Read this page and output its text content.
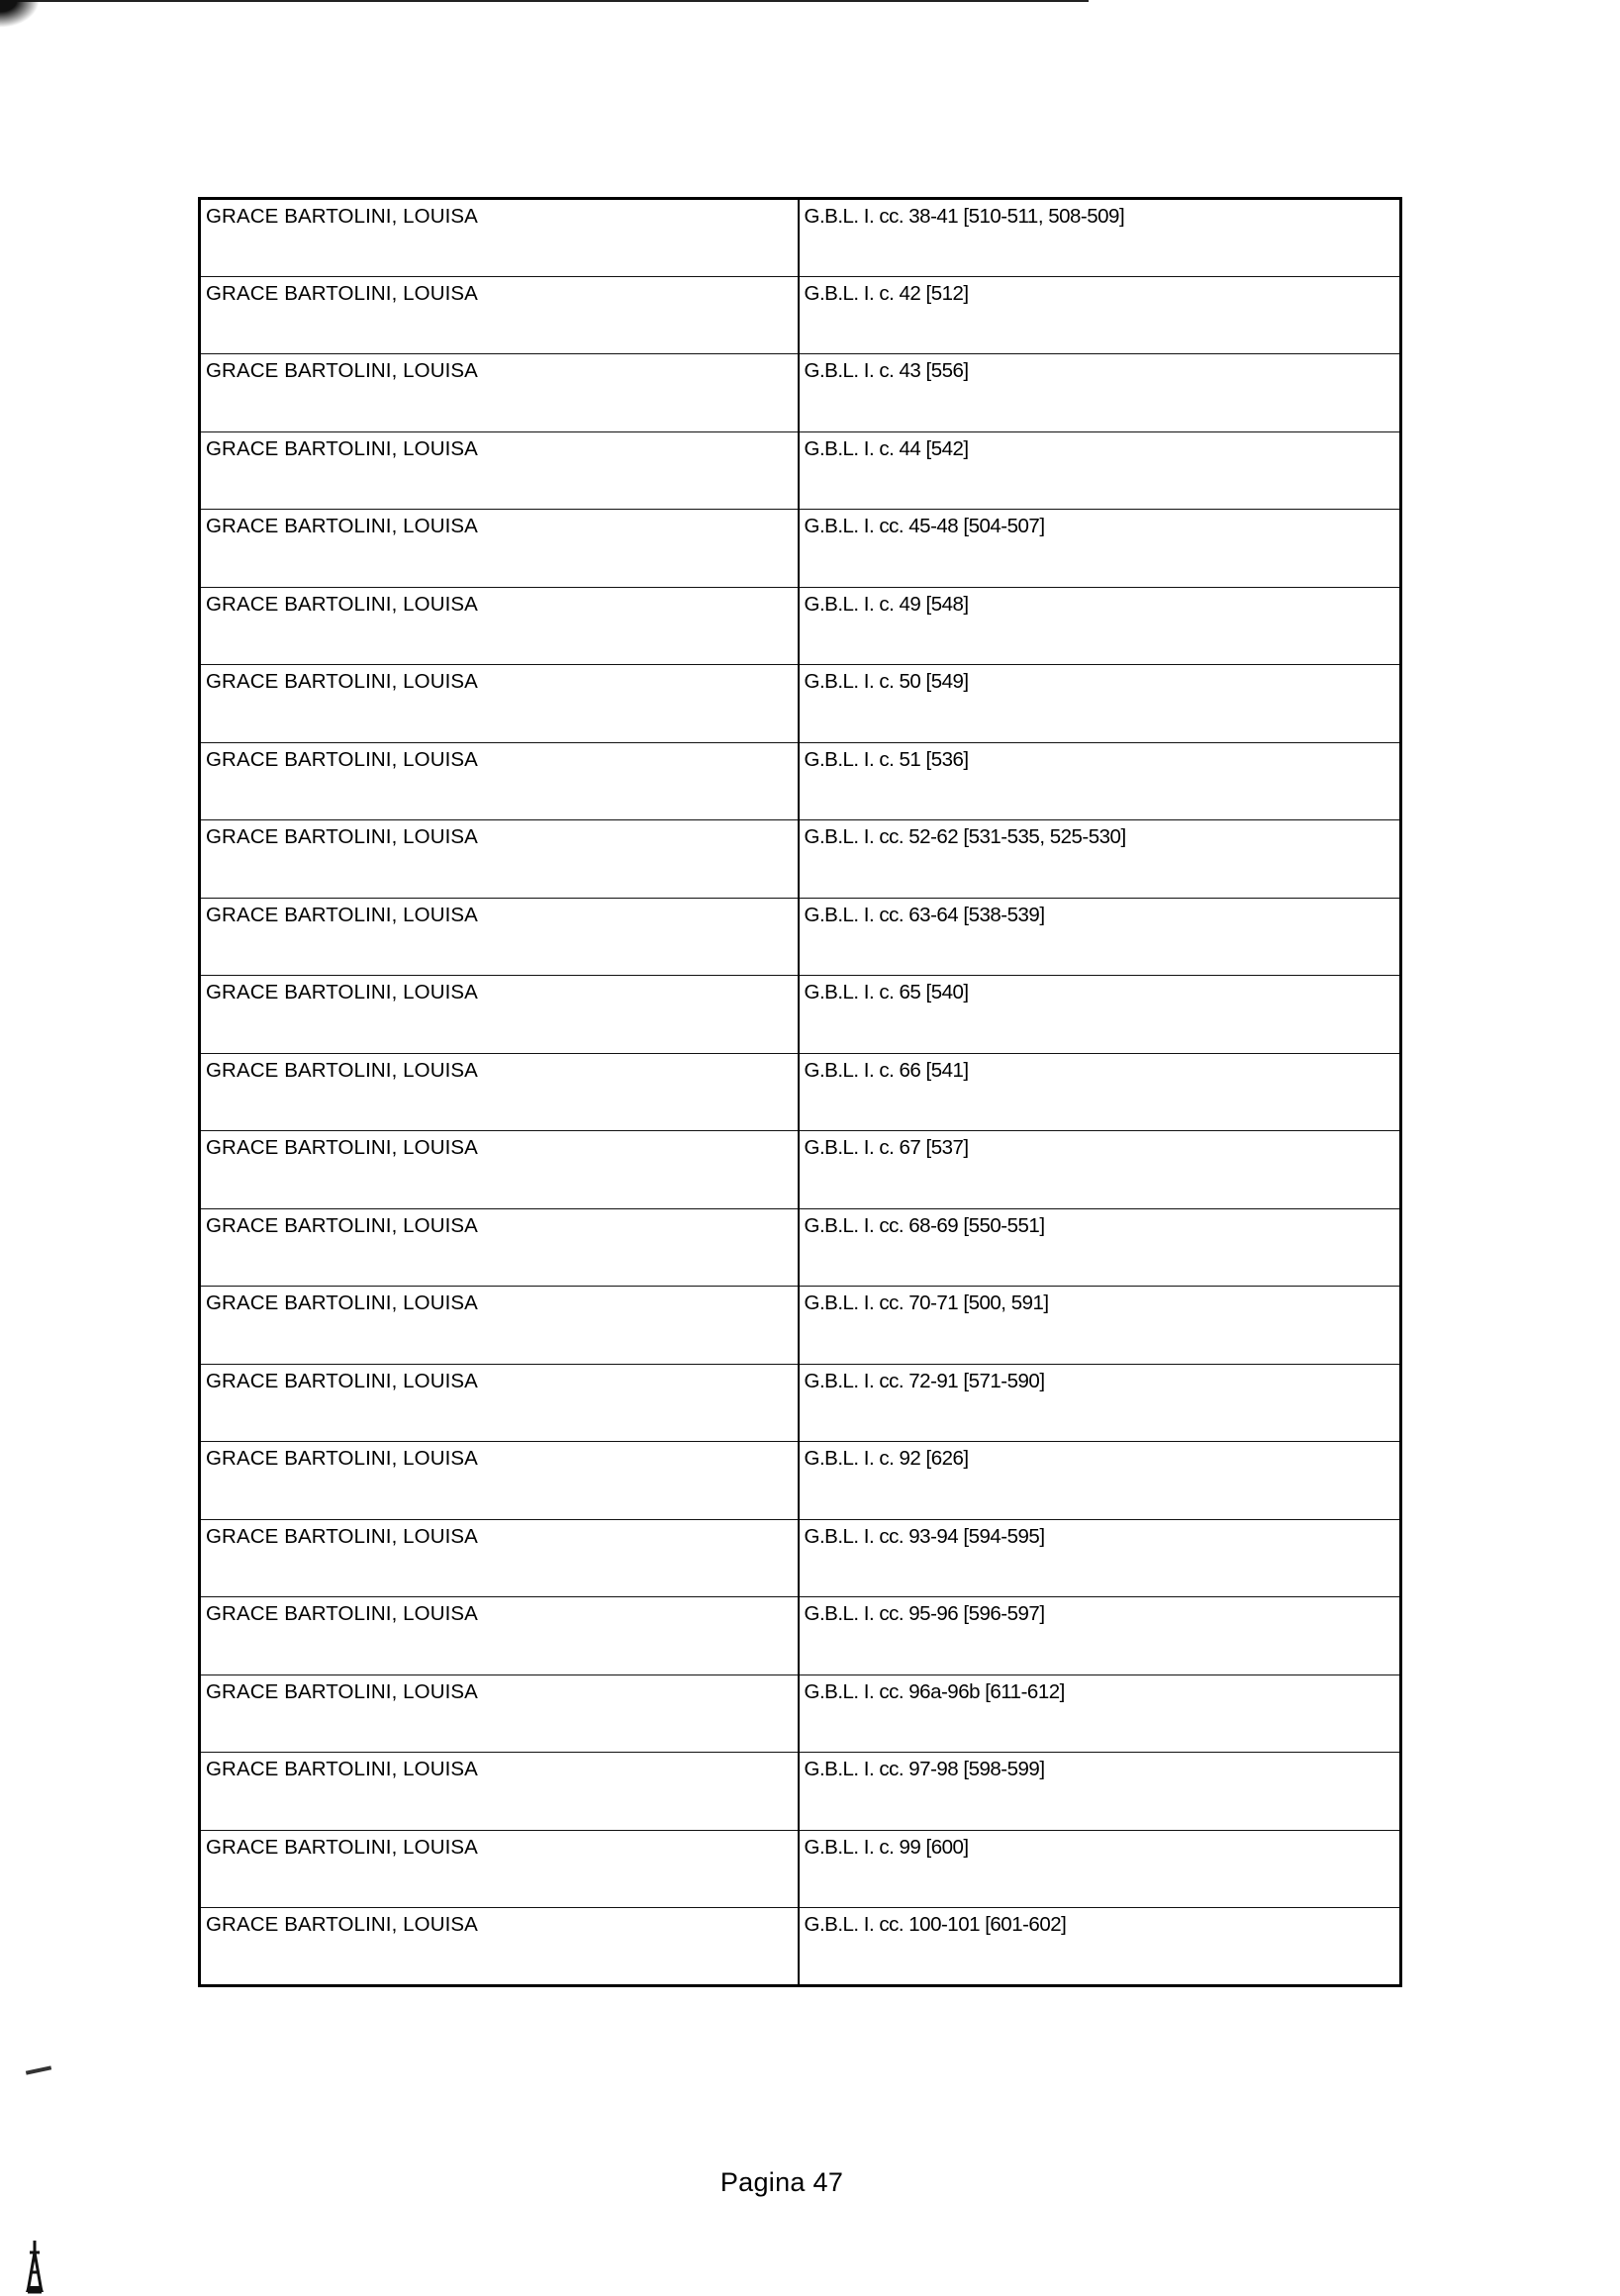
GRACE BARTOLINI, LOUISA	G.B.L. I. cc. 38-41 [510-511, 508-509]
GRACE BARTOLINI, LOUISA	G.B.L. I. c. 42 [512]
GRACE BARTOLINI, LOUISA	G.B.L. I. c. 43 [556]
GRACE BARTOLINI, LOUISA	G.B.L. I. c. 44 [542]
GRACE BARTOLINI, LOUISA	G.B.L. I. cc. 45-48 [504-507]
GRACE BARTOLINI, LOUISA	G.B.L. I. c. 49 [548]
GRACE BARTOLINI, LOUISA	G.B.L. I. c. 50 [549]
GRACE BARTOLINI, LOUISA	G.B.L. I. c. 51 [536]
GRACE BARTOLINI, LOUISA	G.B.L. I. cc. 52-62 [531-535, 525-530]
GRACE BARTOLINI, LOUISA	G.B.L. I. cc. 63-64 [538-539]
GRACE BARTOLINI, LOUISA	G.B.L. I. c. 65 [540]
GRACE BARTOLINI, LOUISA	G.B.L. I. c. 66 [541]
GRACE BARTOLINI, LOUISA	G.B.L. I. c. 67 [537]
GRACE BARTOLINI, LOUISA	G.B.L. I. cc. 68-69 [550-551]
GRACE BARTOLINI, LOUISA	G.B.L. I. cc. 70-71 [500, 591]
GRACE BARTOLINI, LOUISA	G.B.L. I. cc. 72-91 [571-590]
GRACE BARTOLINI, LOUISA	G.B.L. I. c. 92 [626]
GRACE BARTOLINI, LOUISA	G.B.L. I. cc. 93-94 [594-595]
GRACE BARTOLINI, LOUISA	G.B.L. I. cc. 95-96 [596-597]
GRACE BARTOLINI, LOUISA	G.B.L. I. cc. 96a-96b [611-612]
GRACE BARTOLINI, LOUISA	G.B.L. I. cc. 97-98 [598-599]
GRACE BARTOLINI, LOUISA	G.B.L. I. c. 99 [600]
GRACE BARTOLINI, LOUISA	G.B.L. I. cc. 100-101 [601-602]
Pagina 47
